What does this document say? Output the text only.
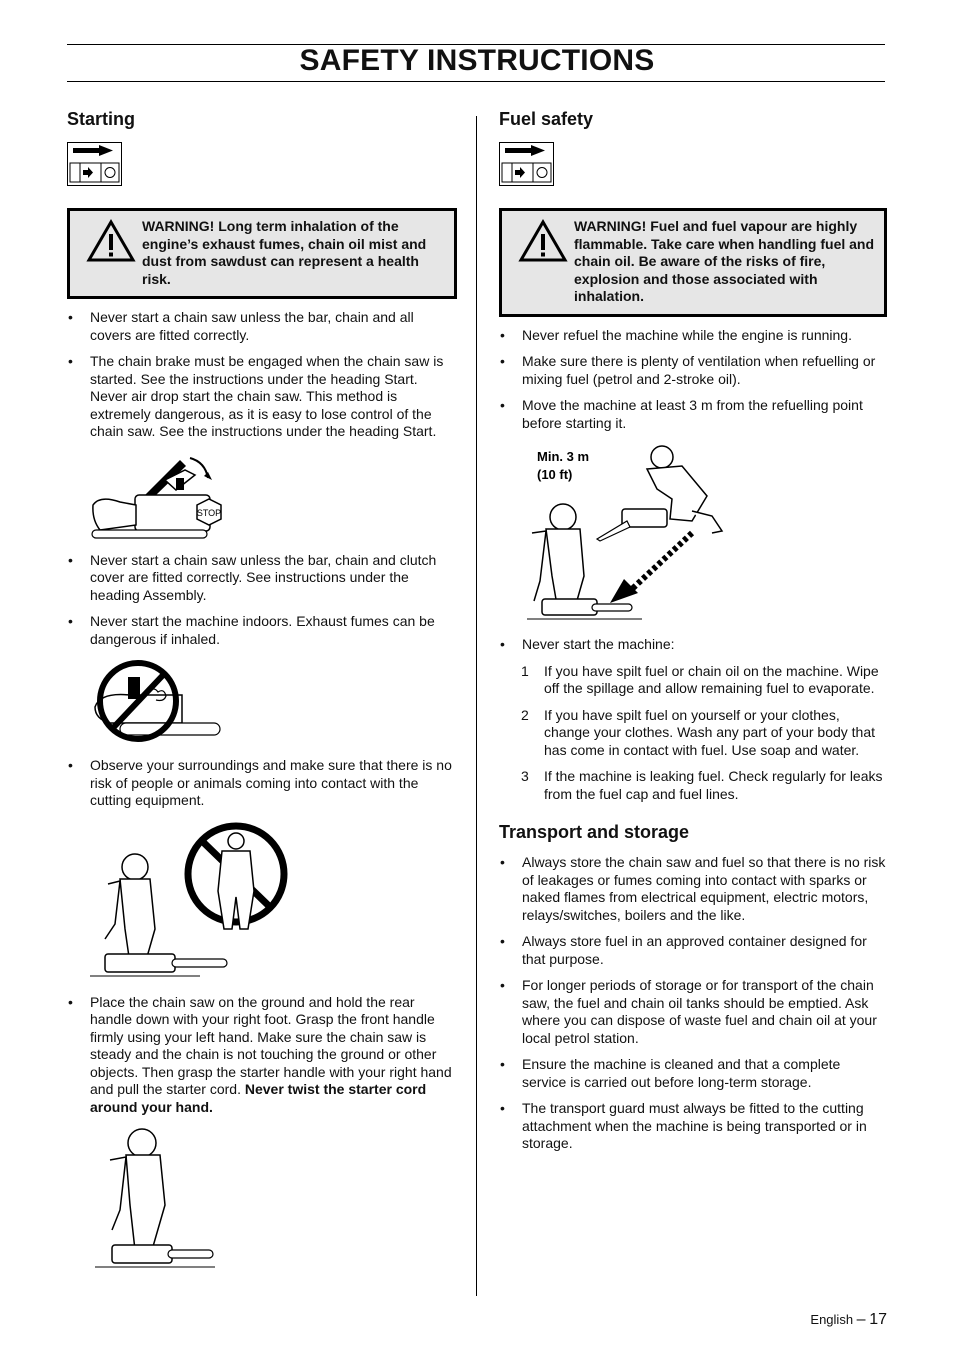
SAFETY INSTRUCTIONS
Starting
WARNING! Long term inhalation of the engine’s exhaust fumes, chain oil mist and dust from sawdust can represent a health risk.
• Never start a chain saw unless the bar, chain and all covers are fitted correctly.
• The chain brake must be engaged when the chain saw is started. See the instructions under the heading Start. Never air drop start the chain saw. This method is extremely dangerous, as it is easy to lose control of the chain saw. See the instructions under the heading Start.
STOP
• Never start a chain saw unless the bar, chain and clutch cover are fitted correctly. See instructions under the heading Assembly.
• Never start the machine indoors. Exhaust fumes can be dangerous if inhaled.
• Observe your surroundings and make sure that there is no risk of people or animals coming into contact with the cutting equipment.
• Place the chain saw on the ground and hold the rear handle down with your right foot. Grasp the front handle firmly using your left hand. Make sure the chain saw is steady and the chain is not touching the ground or other objects. Then grasp the starter handle with your right hand and pull the starter cord. Never twist the starter cord around your hand.
Fuel safety
WARNING! Fuel and fuel vapour are highly flammable. Take care when handling fuel and chain oil. Be aware of the risks of fire, explosion and those associated with inhalation.
• Never refuel the machine while the engine is running.
• Make sure there is plenty of ventilation when refuelling or mixing fuel (petrol and 2-stroke oil).
• Move the machine at least 3 m from the refuelling point before starting it.
Min. 3 m
(10 ft)
• Never start the machine:
1 If you have spilt fuel or chain oil on the machine. Wipe off the spillage and allow remaining fuel to evaporate.
2 If you have spilt fuel on yourself or your clothes, change your clothes. Wash any part of your body that has come in contact with fuel. Use soap and water.
3 If the machine is leaking fuel. Check regularly for leaks from the fuel cap and fuel lines.
Transport and storage
• Always store the chain saw and fuel so that there is no risk of leakages or fumes coming into contact with sparks or naked flames from electrical equipment, electric motors, relays/switches, boilers and the like.
• Always store fuel in an approved container designed for that purpose.
• For longer periods of storage or for transport of the chain saw, the fuel and chain oil tanks should be emptied. Ask where you can dispose of waste fuel and chain oil at your local petrol station.
• Ensure the machine is cleaned and that a complete service is carried out before long-term storage.
• The transport guard must always be fitted to the cutting attachment when the machine is being transported or in storage.
English – 17
